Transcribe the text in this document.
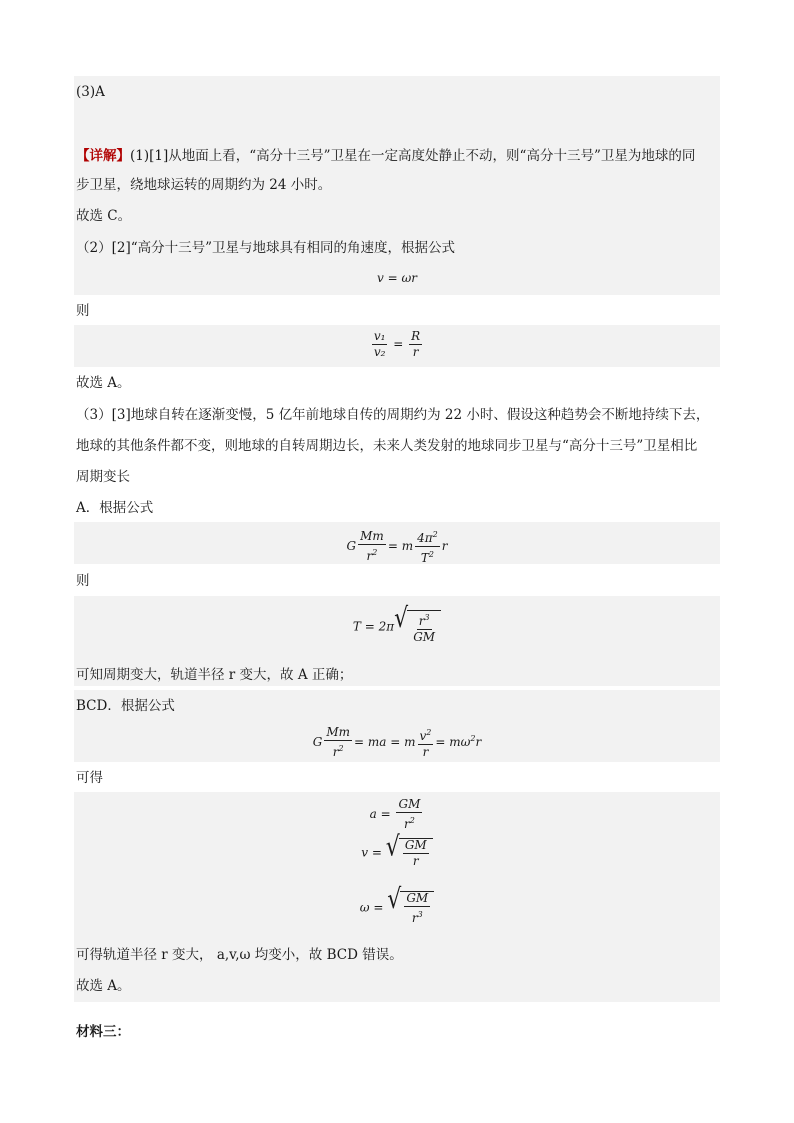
(3)A
【详解】(1)[1]从地面上看，“高分十三号”卫星在一定高度处静止不动，则“高分十三号”卫星为地球的同
步卫星，绕地球运转的周期约为 24 小时。
故选 C。
（2）[2]“高分十三号”卫星与地球具有相同的角速度，根据公式
v = ωr
则
$\frac{\text{v₁}}{\text{v₂}} = \frac{R}{r}$
故选 A。
（3）[3]地球自转在逐渐变慢，5 亿年前地球自传的周期约为 22 小时、假设这种趋势会不断地持续下去，
地球的其他条件都不变，则地球的自转周期边长，未来人类发射的地球同步卫星与“高分十三号”卫星相比
周期变长
A．根据公式
G $\frac{Mm}{r^2} = m \frac{4\pi^2}{T^2}$ r
则
T = 2π √ $\frac{r^3}{GM}$
可知周期变大，轨道半径 r 变大，故 A 正确；
BCD．根据公式
G $\frac{Mm}{r^2}$ = ma = m $\frac{v^2}{r} = m\omega^2r$
可得
$a = \frac{GM}{r^2}$
v = √ $\frac{GM}{r}$
ω = √ $\frac{GM}{r^3}$
可得轨道半径 r 变大， a,v,ω 均变小，故 BCD 错误。
故选 A。
材料三：
